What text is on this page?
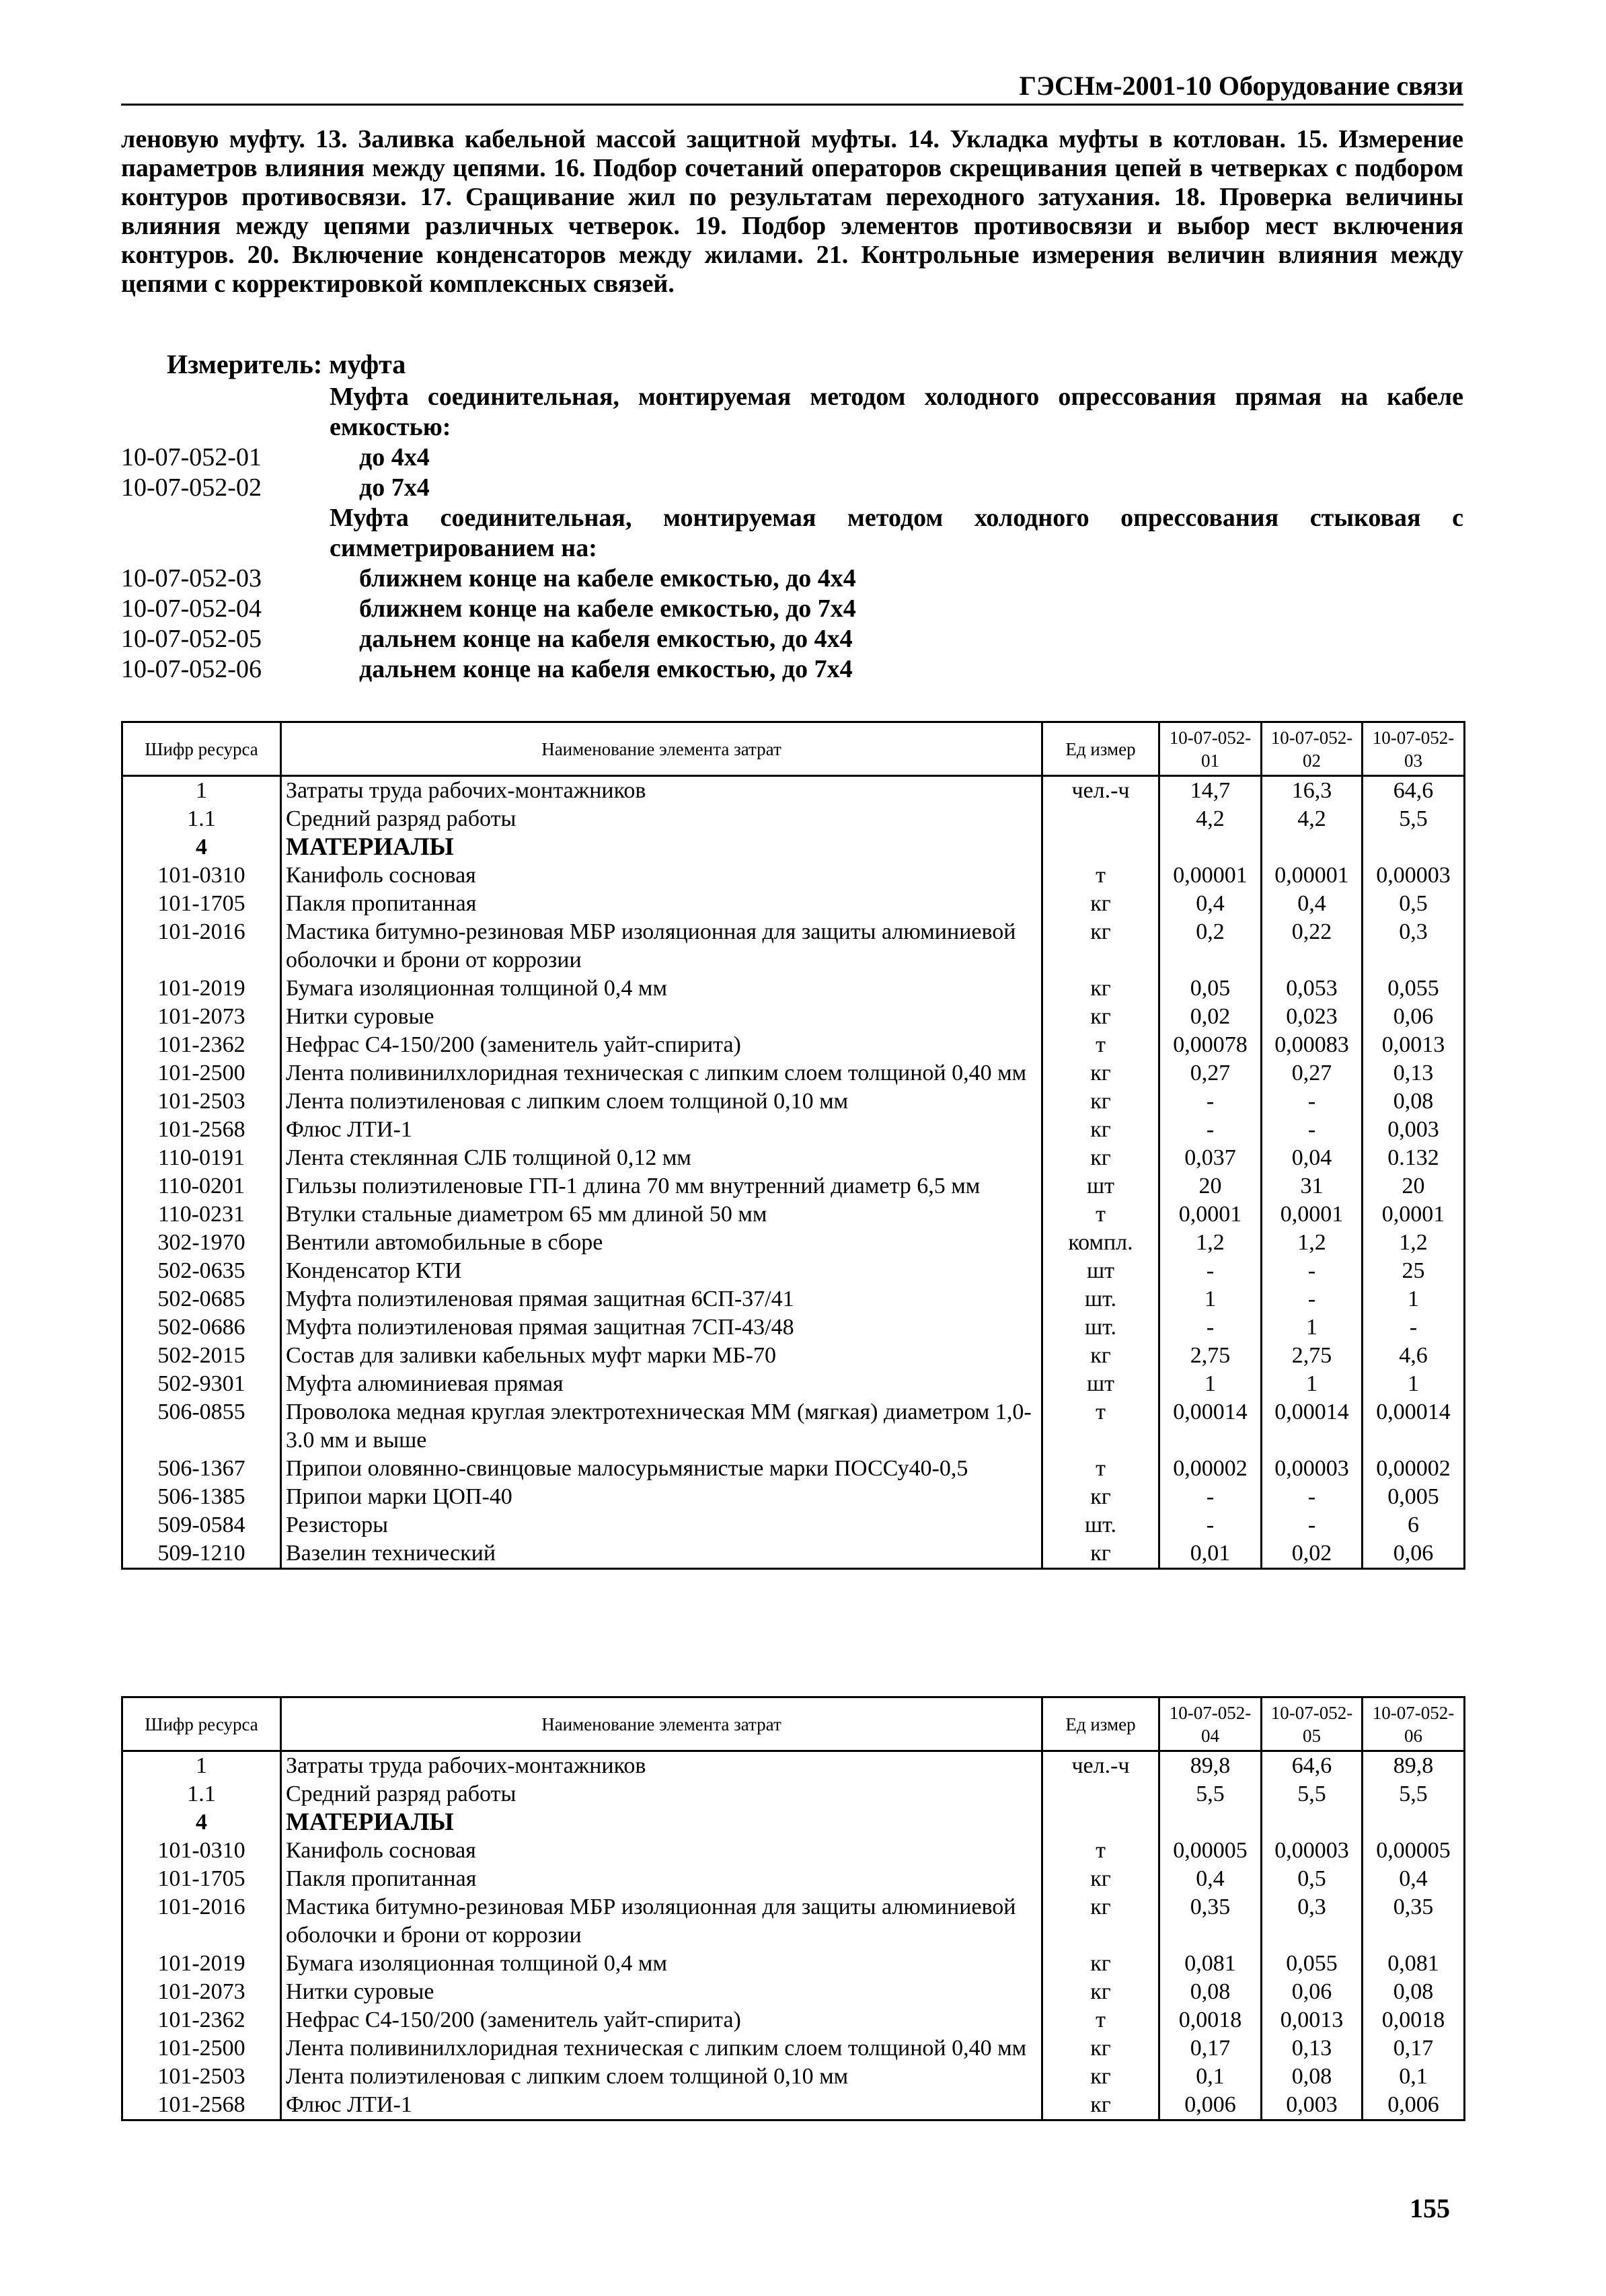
ГЭСНм-2001-10 Оборудование связи
леновую муфту. 13. Заливка кабельной массой защитной муфты. 14. Укладка муфты в котлован. 15. Измерение параметров влияния между цепями. 16. Подбор сочетаний операторов скрещивания цепей в четверках с подбором контуров противосвязи. 17. Сращивание жил по результатам переходного затухания. 18. Проверка величины влияния между цепями различных четверок. 19. Подбор элементов противосвязи и выбор мест включения контуров. 20. Включение конденсаторов между жилами. 21. Контрольные измерения величин влияния между цепями с корректировкой комплексных связей.
Измеритель: муфта
Муфта соединительная, монтируемая методом холодного опрессования прямая на кабеле емкостью:
10-07-052-01	до 4x4
10-07-052-02	до 7x4
Муфта соединительная, монтируемая методом холодного опрессования стыковая с симметрированием на:
10-07-052-03	ближнем конце на кабеле емкостью, до 4x4
10-07-052-04	ближнем конце на кабеле емкостью, до 7x4
10-07-052-05	дальнем конце на кабеля емкостью, до 4x4
10-07-052-06	дальнем конце на кабеля емкостью, до 7x4
Шифр ресурса	Наименование элемента затрат	Ед измер	10-07-052-01	10-07-052-02	10-07-052-03
1	Затраты труда рабочих-монтажников	чел.-ч	14,7	16,3	64,6
1.1	Средний разряд работы		4,2	4,2	5,5
4	МАТЕРИАЛЫ				
101-0310	Канифоль сосновая	т	0,00001	0,00001	0,00003
101-1705	Пакля пропитанная	кг	0,4	0,4	0,5
101-2016	Мастика битумно-резиновая МБР изоляционная для защиты алюминиевой оболочки и брони от коррозии	кг	0,2	0,22	0,3
101-2019	Бумага изоляционная толщиной 0,4 мм	кг	0,05	0,053	0,055
101-2073	Нитки суровые	кг	0,02	0,023	0,06
101-2362	Нефрас С4-150/200 (заменитель уайт-спирита)	т	0,00078	0,00083	0,0013
101-2500	Лента поливинилхлоридная техническая с липким слоем толщиной 0,40 мм	кг	0,27	0,27	0,13
101-2503	Лента полиэтиленовая с липким слоем толщиной 0,10 мм	кг	-	-	0,08
101-2568	Флюс ЛТИ-1	кг	-	-	0,003
110-0191	Лента стеклянная СЛБ толщиной 0,12 мм	кг	0,037	0,04	0.132
110-0201	Гильзы полиэтиленовые ГП-1 длина 70 мм внутренний диаметр 6,5 мм	шт	20	31	20
110-0231	Втулки стальные диаметром 65 мм длиной 50 мм	т	0,0001	0,0001	0,0001
302-1970	Вентили автомобильные в сборе	компл.	1,2	1,2	1,2
502-0635	Конденсатор КТИ	шт	-	-	25
502-0685	Муфта полиэтиленовая прямая защитная 6СП-37/41	шт.	1	-	1
502-0686	Муфта полиэтиленовая прямая защитная 7СП-43/48	шт.	-	1	-
502-2015	Состав для заливки кабельных муфт марки МБ-70	кг	2,75	2,75	4,6
502-9301	Муфта алюминиевая прямая	шт	1	1	1
506-0855	Проволока медная круглая электротехническая ММ (мягкая) диаметром 1,0-3.0 мм и выше	т	0,00014	0,00014	0,00014
506-1367	Припои оловянно-свинцовые малосурьмянистые марки ПОССу40-0,5	т	0,00002	0,00003	0,00002
506-1385	Припои марки ЦОП-40	кг	-	-	0,005
509-0584	Резисторы	шт.	-	-	6
509-1210	Вазелин технический	кг	0,01	0,02	0,06
Шифр ресурса	Наименование элемента затрат	Ед измер	10-07-052-04	10-07-052-05	10-07-052-06
1	Затраты труда рабочих-монтажников	чел.-ч	89,8	64,6	89,8
1.1	Средний разряд работы		5,5	5,5	5,5
4	МАТЕРИАЛЫ				
101-0310	Канифоль сосновая	т	0,00005	0,00003	0,00005
101-1705	Пакля пропитанная	кг	0,4	0,5	0,4
101-2016	Мастика битумно-резиновая МБР изоляционная для защиты алюминиевой оболочки и брони от коррозии	кг	0,35	0,3	0,35
101-2019	Бумага изоляционная толщиной 0,4 мм	кг	0,081	0,055	0,081
101-2073	Нитки суровые	кг	0,08	0,06	0,08
101-2362	Нефрас С4-150/200 (заменитель уайт-спирита)	т	0,0018	0,0013	0,0018
101-2500	Лента поливинилхлоридная техническая с липким слоем толщиной 0,40 мм	кг	0,17	0,13	0,17
101-2503	Лента полиэтиленовая с липким слоем толщиной 0,10 мм	кг	0,1	0,08	0,1
101-2568	Флюс ЛТИ-1	кг	0,006	0,003	0,006
155
